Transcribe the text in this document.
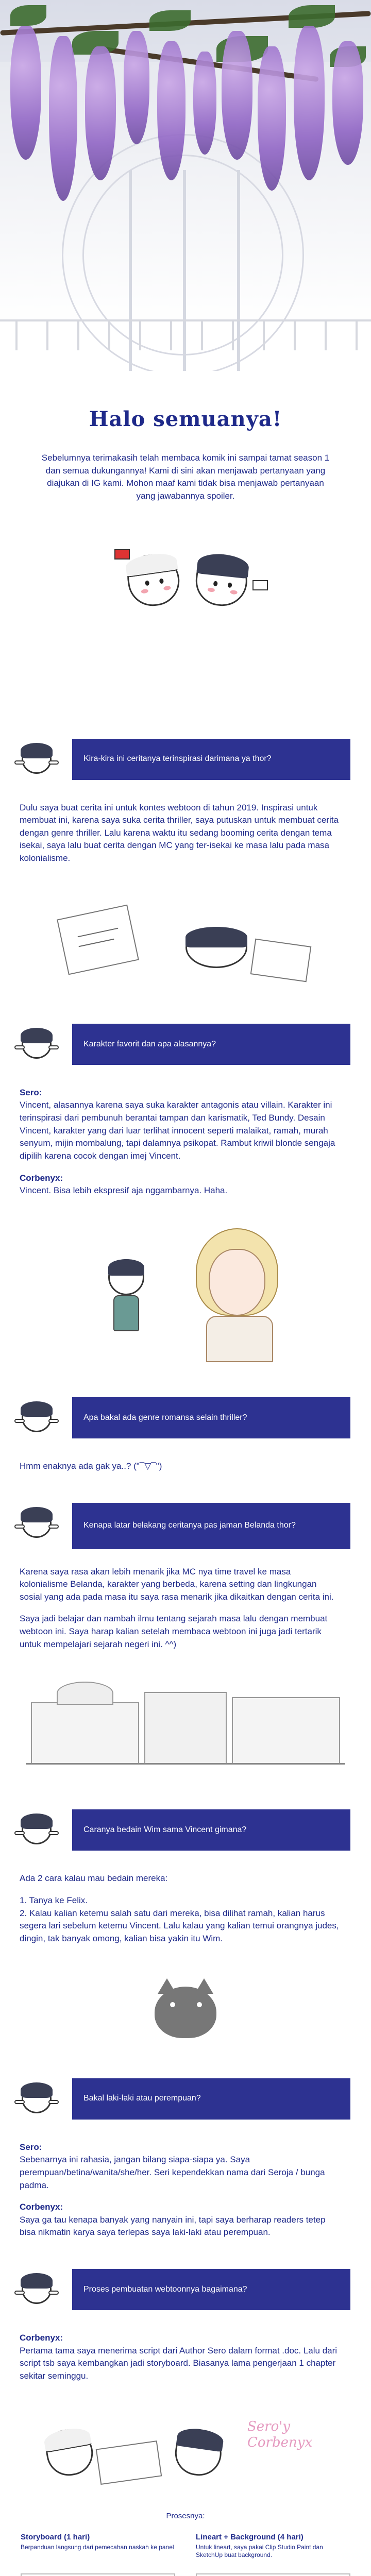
Halo semuanya!

Sebelumnya terimakasih telah membaca komik ini sampai tamat season 1 dan semua dukungannya! Kami di sini akan menjawab pertanyaan yang diajukan di IG kami. Mohon maaf kami tidak bisa menjawab pertanyaan yang jawabannya spoiler.

Kira-kira ini ceritanya terinspirasi darimana ya thor?

Dulu saya buat cerita ini untuk kontes webtoon di tahun 2019. Inspirasi untuk membuat ini, karena saya suka cerita thriller, saya putuskan untuk membuat cerita dengan genre thriller. Lalu karena waktu itu sedang booming cerita dengan tema isekai, saya lalu buat cerita dengan MC yang ter-isekai ke masa lalu pada masa kolonialisme.

Karakter favorit dan apa alasannya?

Sero:

Vincent, alasannya karena saya suka karakter antagonis atau villain. Karakter ini terinspirasi dari pembunuh berantai tampan dan karismatik, Ted Bundy. Desain Vincent, karakter yang dari luar terlihat innocent seperti malaikat, ramah, murah senyum, mijin mombalung, tapi dalamnya psikopat. Rambut kriwil blonde sengaja dipilih karena cocok dengan imej Vincent.

Corbenyx:

Vincent. Bisa lebih ekspresif aja nggambarnya. Haha.

Apa bakal ada genre romansa selain thriller?

Hmm enaknya ada gak ya..? ("¯▽¯")

Kenapa latar belakang ceritanya pas jaman Belanda thor?

Karena saya rasa akan lebih menarik jika MC nya time travel ke masa kolonialisme Belanda, karakter yang berbeda, karena setting dan lingkungan sosial yang ada pada masa itu saya rasa menarik jika dikaitkan dengan cerita ini.

Saya jadi belajar dan nambah ilmu tentang sejarah masa lalu dengan membuat webtoon ini. Saya harap kalian setelah membaca webtoon ini juga jadi tertarik untuk mempelajari sejarah negeri ini. ^^)

Caranya bedain Wim sama Vincent gimana?

Ada 2 cara kalau mau bedain mereka:

1. Tanya ke Felix.
2. Kalau kalian ketemu salah satu dari mereka, bisa dilihat ramah, kalian harus segera lari sebelum ketemu Vincent. Lalu kalau yang kalian temui orangnya judes, dingin, tak banyak omong, kalian bisa yakin itu Wim.

Bakal laki-laki atau perempuan?

Sero:

Sebenarnya ini rahasia, jangan bilang siapa-siapa ya. Saya perempuan/betina/wanita/she/her. Seri kependekkan nama dari Seroja / bunga padma.

Corbenyx:

Saya ga tau kenapa banyak yang nanyain ini, tapi saya berharap readers tetep bisa nikmatin karya saya terlepas saya laki-laki atau perempuan.

Proses pembuatan webtoonnya bagaimana?

Corbenyx:

Pertama tama saya menerima script dari Author Sero dalam format .doc. Lalu dari script tsb saya kembangkan jadi storyboard. Biasanya lama pengerjaan 1 chapter sekitar seminggu.

Sero'y Corbenyx
Prosesnya:
Storyboard (1 hari)
Berpanduan langsung dari pemecahan naskah ke panel
Lineart + Background (4 hari)
Untuk lineart, saya pakai Clip Studio Paint dan SketchUp buat background.
